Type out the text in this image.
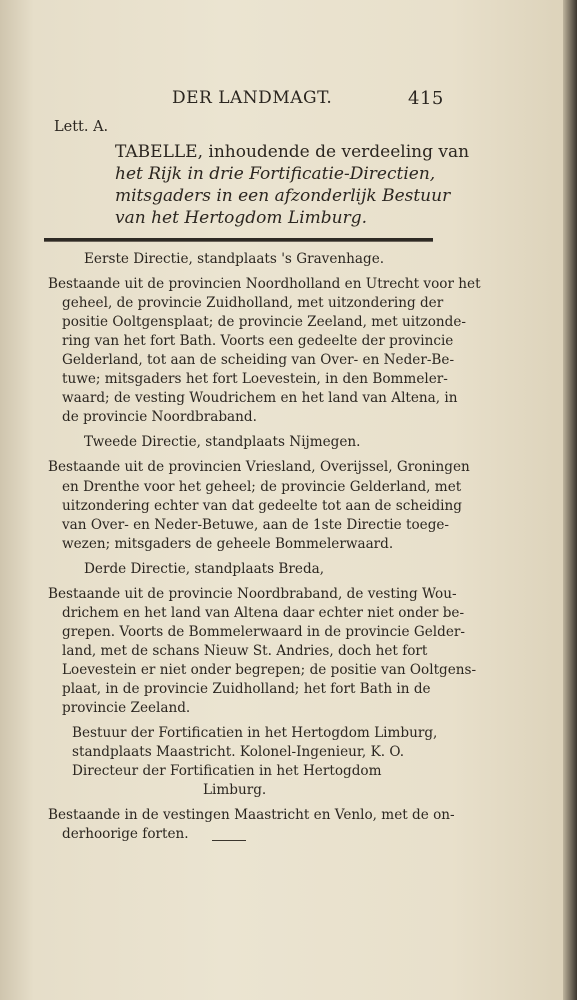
DER LANDMAGT.	415
Lett. A.
TABELLE, inhoudende de verdeeling van
het Rijk in drie Fortificatie-Directien,
mitsgaders in een afzonderlijk Bestuur
van het Hertogdom Limburg.
Eerste Directie, standplaats 's Gravenhage.
Bestaande uit de provincien Noordholland en Utrecht voor het
geheel, de provincie Zuidholland, met uitzondering der
positie Ooltgensplaat; de provincie Zeeland, met uitzonde-
ring van het fort Bath. Voorts een gedeelte der provincie
Gelderland, tot aan de scheiding van Over- en Neder-Be-
tuwe; mitsgaders het fort Loevestein, in den Bommeler-
waard; de vesting Woudrichem en het land van Altena, in
de provincie Noordbraband.
Tweede Directie, standplaats Nijmegen.
Bestaande uit de provincien Vriesland, Overijssel, Groningen
en Drenthe voor het geheel; de provincie Gelderland, met
uitzondering echter van dat gedeelte tot aan de scheiding
van Over- en Neder-Betuwe, aan de 1ste Directie toege-
wezen; mitsgaders de geheele Bommelerwaard.
Derde Directie, standplaats Breda,
Bestaande uit de provincie Noordbraband, de vesting Wou-
drichem en het land van Altena daar echter niet onder be-
grepen. Voorts de Bommelerwaard in de provincie Gelder-
land, met de schans Nieuw St. Andries, doch het fort
Loevestein er niet onder begrepen; de positie van Ooltgens-
plaat, in de provincie Zuidholland; het fort Bath in de
provincie Zeeland.
Bestuur der Fortificatien in het Hertogdom Limburg,
standplaats Maastricht. Kolonel-Ingenieur, K. O.
Directeur der Fortificatien in het Hertogdom
Limburg.
Bestaande in de vestingen Maastricht en Venlo, met de on-
derhoorige forten.
